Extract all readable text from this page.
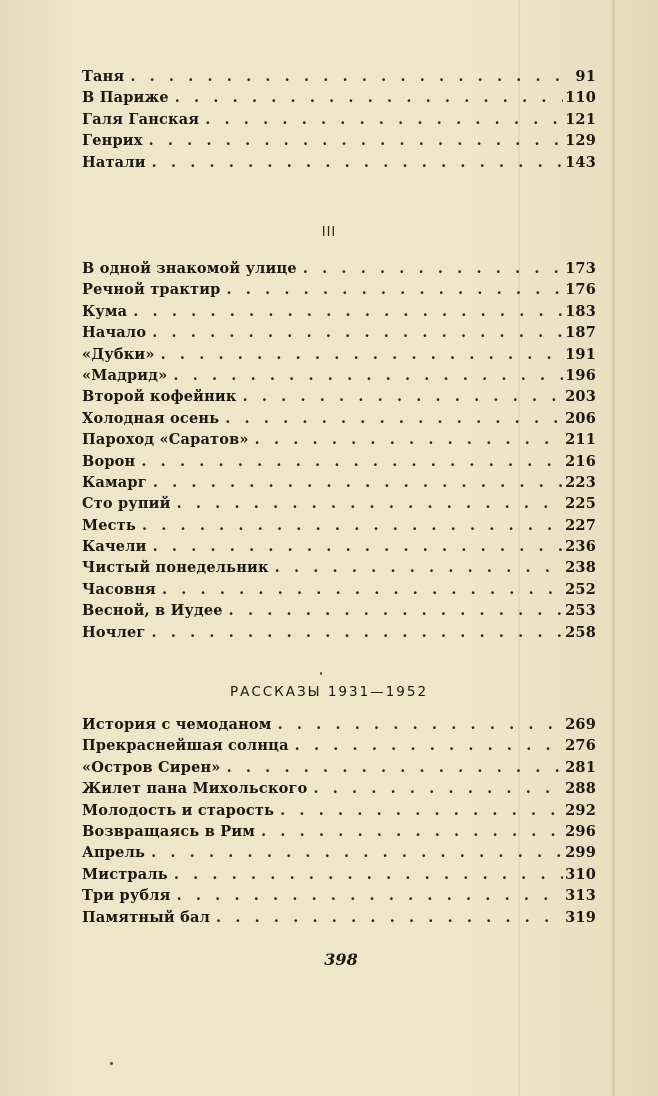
Таня . . .	91
В Париже . . .	110
Галя Ганская . . .	121
Генрих . . .	129
Натали . . .	143
III
В одной знакомой улице . . .	173
Речной трактир . . .	176
Кума . . .	183
Начало . . .	187
«Дубки» . . .	191
«Мадрид» . . .	196
Второй кофейник . . .	203
Холодная осень . . .	206
Пароход «Саратов» . . .	211
Ворон . . .	216
Камарг . . .	223
Сто рупий . . .	225
Месть . . .	227
Качели . . .	236
Чистый понедельник . . .	238
Часовня . . .	252
Весной, в Иудее . . .	253
Ночлег . . .	258
РАССКАЗЫ 1931—1952
История с чемоданом . . .	269
Прекраснейшая солнца . . .	276
«Остров Сирен» . . .	281
Жилет пана Михольского . . .	288
Молодость и старость . . .	292
Возвращаясь в Рим . . .	296
Апрель . . .	299
Мистраль . . .	310
Три рубля . . .	313
Памятный бал . . .	319
398
